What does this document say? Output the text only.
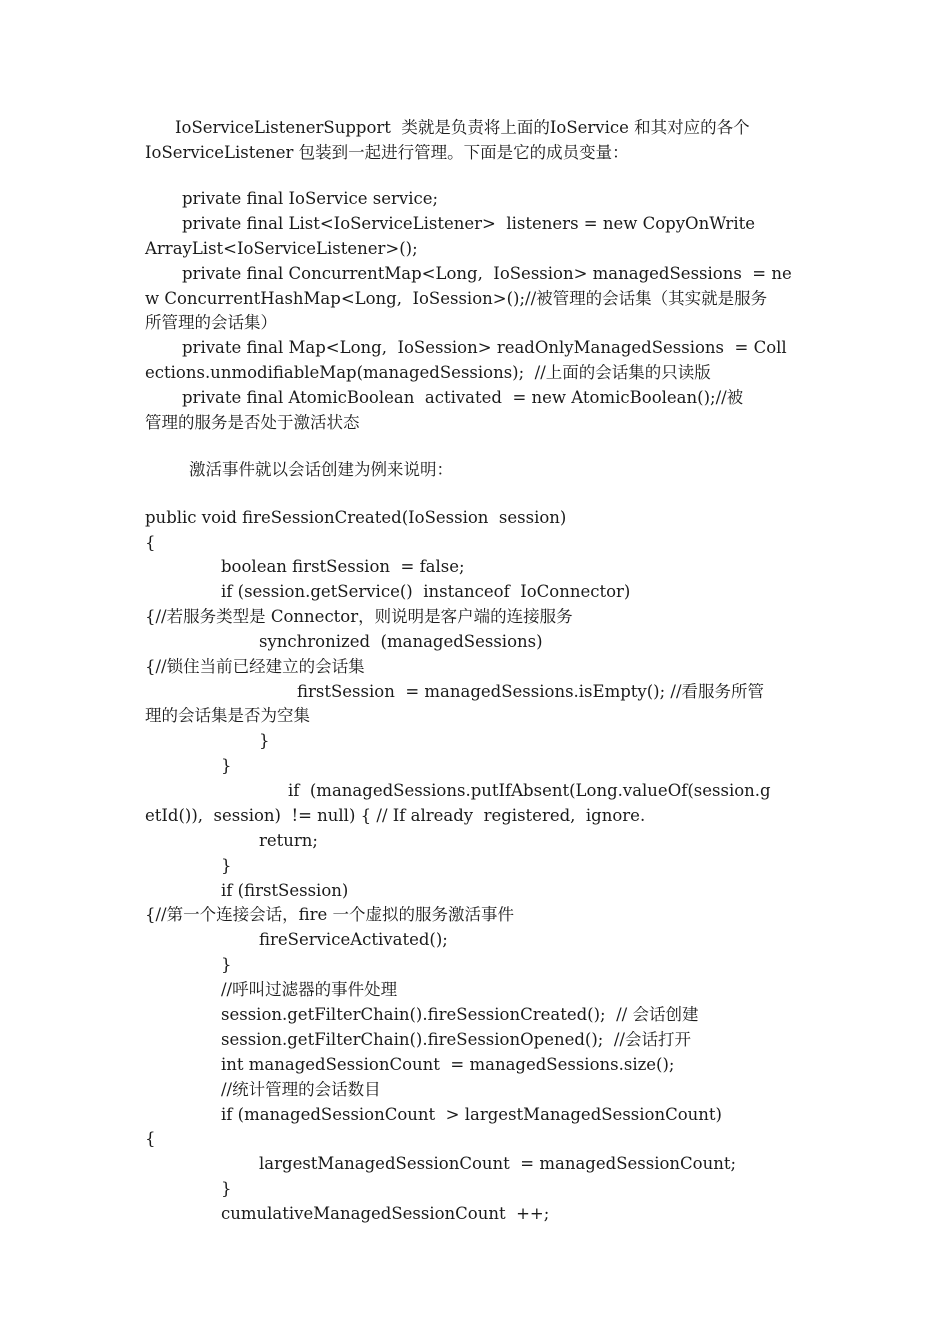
IoServiceListenerSupport  类就是负责将上面的IoService 和其对应的各个
IoServiceListener 包装到一起进行管理。下面是它的成员变量：
private final IoService service;
private final List<IoServiceListener>  listeners = new CopyOnWrite
ArrayList<IoServiceListener>();
private final ConcurrentMap<Long,  IoSession> managedSessions  = ne
w ConcurrentHashMap<Long,  IoSession>();//被管理的会话集（其实就是服务
所管理的会话集）
private final Map<Long,  IoSession> readOnlyManagedSessions  = Coll
ections.unmodifiableMap(managedSessions);  //上面的会话集的只读版
private final AtomicBoolean  activated  = new AtomicBoolean();//被
管理的服务是否处于激活状态
激活事件就以会话创建为例来说明：
public void fireSessionCreated(IoSession  session)
{
boolean firstSession  = false;
if (session.getService()  instanceof  IoConnector)
{//若服务类型是 Connector，则说明是客户端的连接服务
synchronized  (managedSessions)
{//锁住当前已经建立的会话集
firstSession  = managedSessions.isEmpty(); //看服务所管
理的会话集是否为空集
}
}
if  (managedSessions.putIfAbsent(Long.valueOf(session.g
etId()),  session)  != null) { // If already  registered,  ignore.
return;
}
if (firstSession)
{//第一个连接会话，fire 一个虚拟的服务激活事件
fireServiceActivated();
}
//呼叫过滤器的事件处理
session.getFilterChain().fireSessionCreated();  // 会话创建
session.getFilterChain().fireSessionOpened();  //会话打开
int managedSessionCount  = managedSessions.size();
//统计管理的会话数目
if (managedSessionCount  > largestManagedSessionCount)
{
largestManagedSessionCount  = managedSessionCount;
}
cumulativeManagedSessionCount  ++;
